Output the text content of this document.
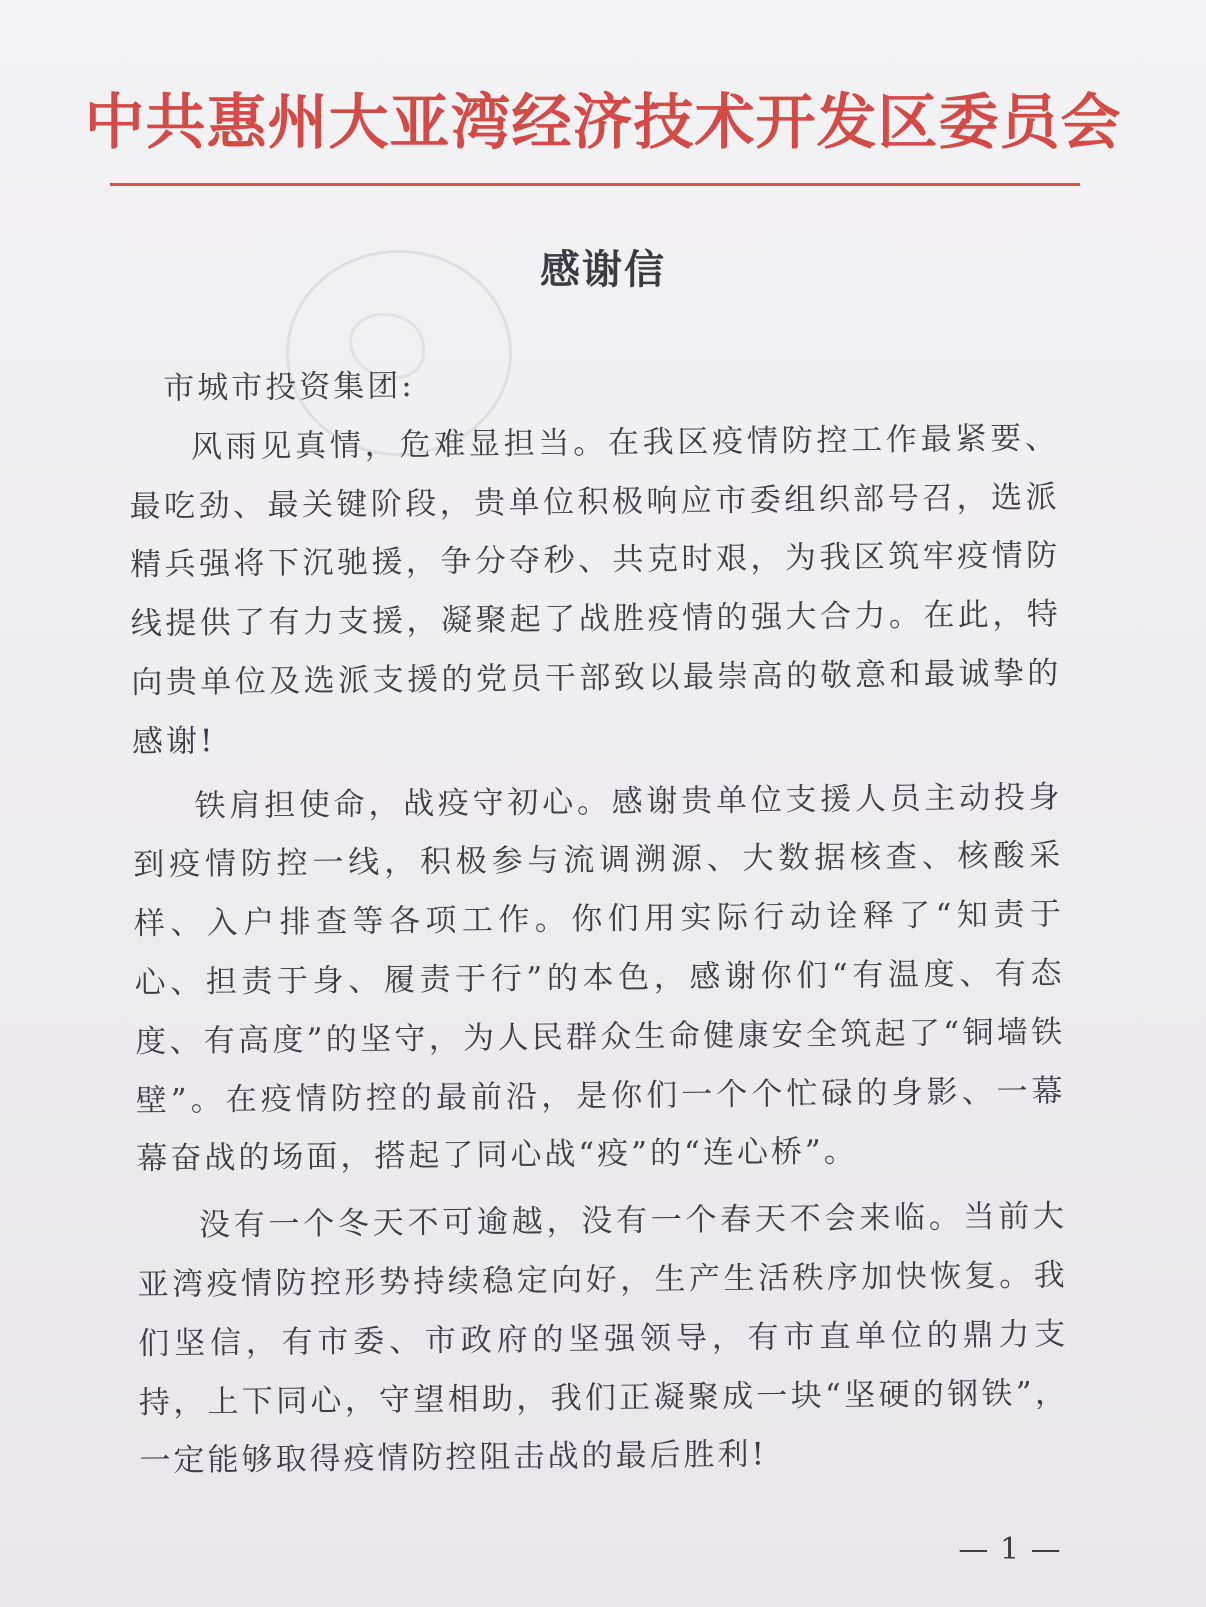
中共惠州大亚湾经济技术开发区委员会
感谢信

市城市投资集团:

风雨见真情，危难显担当。在我区疫情防控工作最紧要、最吃劲、最关键阶段，贵单位积极响应市委组织部号召，选派精兵强将下沉驰援，争分夺秒、共克时艰，为我区筑牢疫情防线提供了有力支援，凝聚起了战胜疫情的强大合力。在此，特向贵单位及选派支援的党员干部致以最崇高的敬意和最诚挚的感谢!

铁肩担使命，战疫守初心。感谢贵单位支援人员主动投身到疫情防控一线，积极参与流调溯源、大数据核查、核酸采样、入户排查等各项工作。你们用实际行动诠释了“知责于心、担责于身、履责于行”的本色，感谢你们“有温度、有态度、有高度”的坚守，为人民群众生命健康安全筑起了“铜墙铁壁”。在疫情防控的最前沿，是你们一个个忙碌的身影、一幕幕奋战的场面，搭起了同心战“疫”的“连心桥”。

没有一个冬天不可逾越，没有一个春天不会来临。当前大亚湾疫情防控形势持续稳定向好，生产生活秩序加快恢复。我们坚信，有市委、市政府的坚强领导，有市直单位的鼎力支持，上下同心，守望相助，我们正凝聚成一块“坚硬的钢铁”，一定能够取得疫情防控阻击战的最后胜利!

— 1 —
